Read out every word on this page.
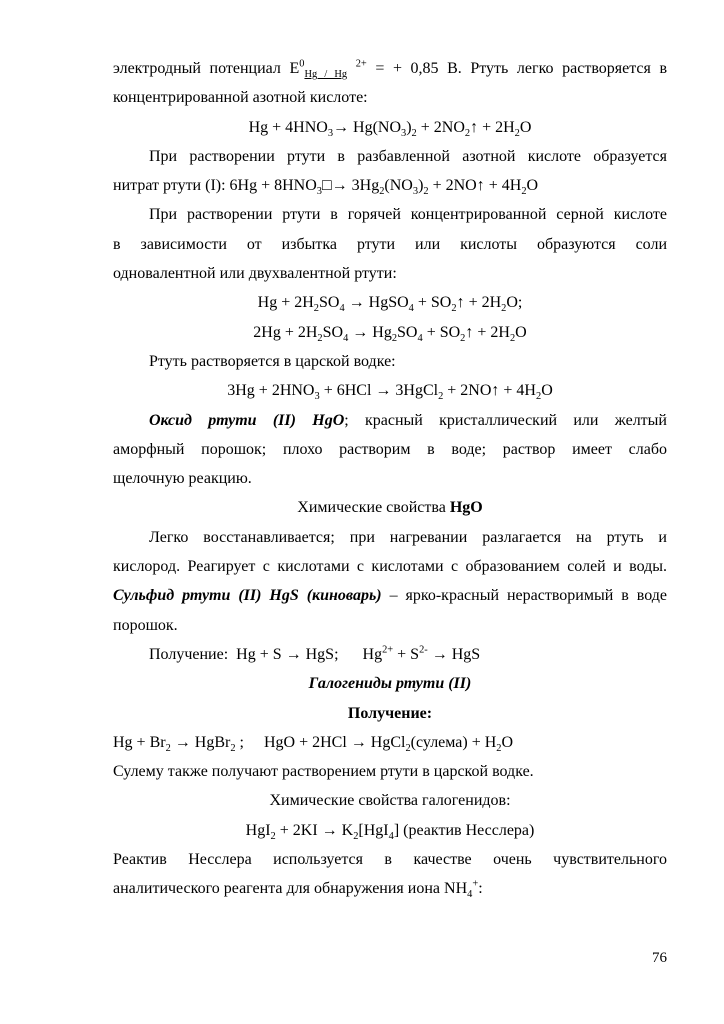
электродный потенциал $Е^0_{Hg / Hg}$ $^{2+}$ = + 0,85 В. Ртуть легко растворяется в
концентрированной азотной кислоте:
$Hg + 4HNO_3\to Hg(NO_3)_2$ + $2NO_2↑ + 2H_2O$
При растворении ртути в разбавленной азотной кислоте образуется
нитрат ртути (I): $6Hg + 8HNO_3□\to 3Hg_2(NO_3)_2$ + 2NO↑ + $4H_2O$
При растворении ртути в горячей концентрированной серной кислоте
в зависимости от избытка ртути или кислоты образуются соли
одновалентной или двухвалентной ртути:
$Hg + 2H_2SO_4$ → HgSO$_4$ + $SO_2↑ + 2H_2O$;
$2Hg + 2H_2SO_4 \to Hg_2SO_4$ + $SO_2↑ + 2H_2O$
Ртуть растворяется в царской водке:
$3Hg + 2HNO_3 + 6HCl$ → 3HgCl$_2$ + 2NO↑ + $4H_2O$
Оксид ртути (II) HgO; красный кристаллический или желтый
аморфный порошок; плохо растворим в воде; раствор имеет слабо
щелочную реакцию.
Химические свойства HgO
Легко восстанавливается; при нагревании разлагается на ртуть и
кислород. Реагирует с кислотами с кислотами с образованием солей и воды.
Сульфид ртути (II) HgS (киноварь) – ярко-красный нерастворимый в воде
порошок.
Получение:  Hg + S → HgS;      $Hg^{2+} + S^{2-}$ → HgS
Галогениды ртути (II)
Получение:
$Hg + Br_2$ → HgBr$_2$ ;     HgO + 2HCl → HgCl$_2$(сулема) + $H_2O$
Сулему также получают растворением ртути в царской водке.
Химические свойства галогенидов:
$HgI_2 + 2KI \to K_2[HgI_4]$ (реактив Несслера)
Реактив Несслера используется в качестве очень чувствительного
аналитического реагента для обнаружения иона $NH_4^+$:
76
